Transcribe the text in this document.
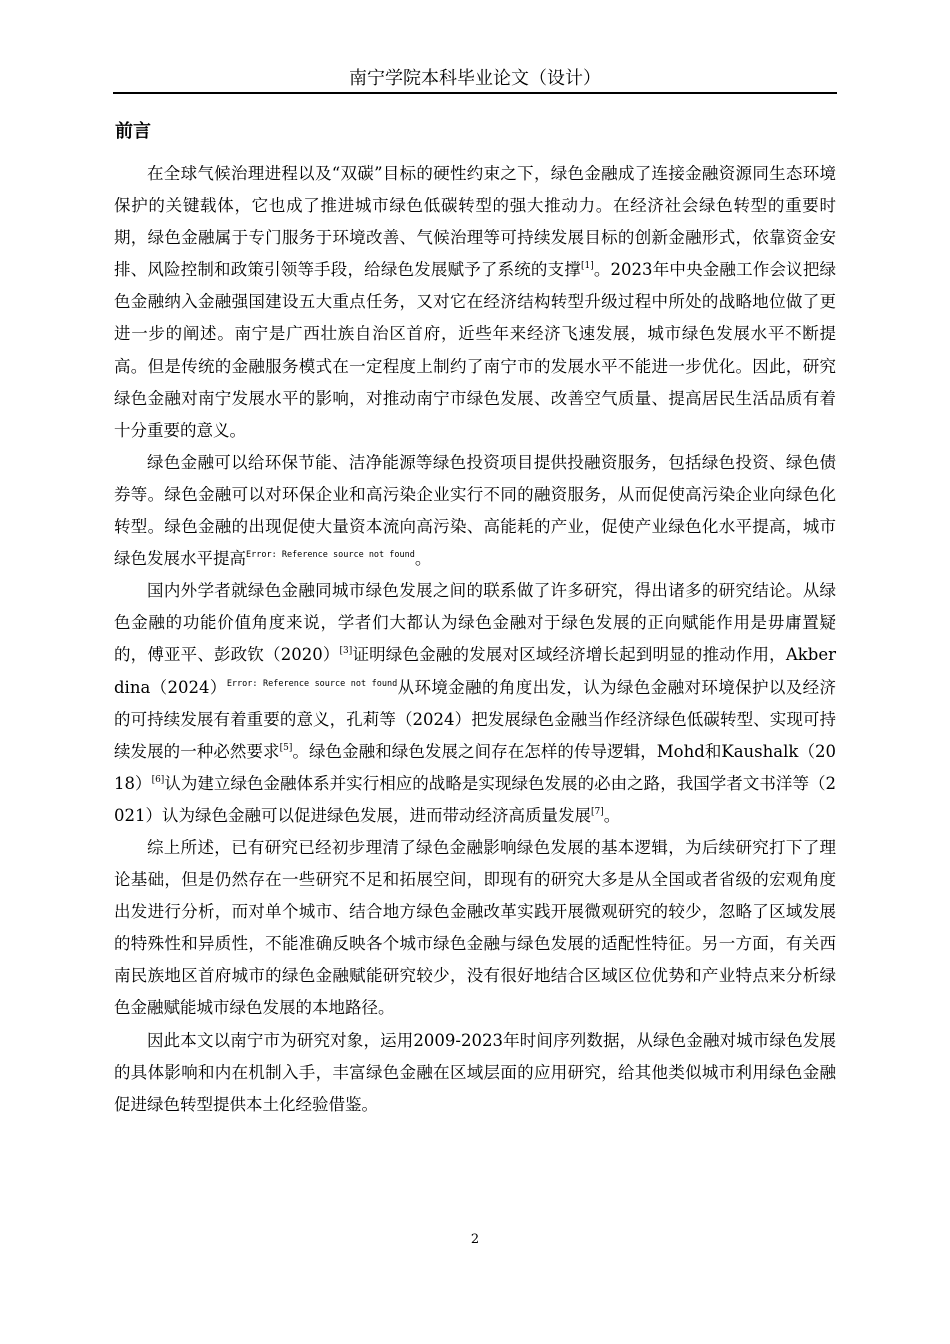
南宁学院本科毕业论文（设计）
前言

在全球气候治理进程以及“双碳”目标的硬性约束之下，绿色金融成了连接金融资源同生态环境保护的关键载体，它也成了推进城市绿色低碳转型的强大推动力。在经济社会绿色转型的重要时期，绿色金融属于专门服务于环境改善、气候治理等可持续发展目标的创新金融形式，依靠资金安排、风险控制和政策引领等手段，给绿色发展赋予了系统的支撑[1]。2023年中央金融工作会议把绿色金融纳入金融强国建设五大重点任务，又对它在经济结构转型升级过程中所处的战略地位做了更进一步的阐述。南宁是广西壮族自治区首府，近些年来经济飞速发展，城市绿色发展水平不断提高。但是传统的金融服务模式在一定程度上制约了南宁市的发展水平不能进一步优化。因此，研究绿色金融对南宁发展水平的影响，对推动南宁市绿色发展、改善空气质量、提高居民生活品质有着十分重要的意义。

绿色金融可以给环保节能、洁净能源等绿色投资项目提供投融资服务，包括绿色投资、绿色债券等。绿色金融可以对环保企业和高污染企业实行不同的融资服务，从而促使高污染企业向绿色化转型。绿色金融的出现促使大量资本流向高污染、高能耗的产业，促使产业绿色化水平提高，城市绿色发展水平提高$^{Error: Reference source not found}$。

国内外学者就绿色金融同城市绿色发展之间的联系做了许多研究，得出诸多的研究结论。从绿色金融的功能价值角度来说，学者们大都认为绿色金融对于绿色发展的正向赋能作用是毋庸置疑的，傅亚平、彭政钦（2020）[3]证明绿色金融的发展对区域经济增长起到明显的推动作用，$Akberdina(2024)^{Error: Reference source not found}$从环境金融的角度出发，认为绿色金融对环境保护以及经济的可持续发展有着重要的意义，孔莉等（2024）把发展绿色金融当作经济绿色低碳转型、实现可持续发展的一种必然要求[5]。绿色金融和绿色发展之间存在怎样的传导逻辑，Mohd和Kaushalk（2018）[6]认为建立绿色金融体系并实行相应的战略是实现绿色发展的必由之路，我国学者文书洋等（2021）认为绿色金融可以促进绿色发展，进而带动经济高质量发展[7]。

综上所述，已有研究已经初步理清了绿色金融影响绿色发展的基本逻辑，为后续研究打下了理论基础，但是仍然存在一些研究不足和拓展空间，即现有的研究大多是从全国或者省级的宏观角度出发进行分析，而对单个城市、结合地方绿色金融改革实践开展微观研究的较少，忽略了区域发展的特殊性和异质性，不能准确反映各个城市绿色金融与绿色发展的适配性特征。另一方面，有关西南民族地区首府城市的绿色金融赋能研究较少，没有很好地结合区域区位优势和产业特点来分析绿色金融赋能城市绿色发展的本地路径。

因此本文以南宁市为研究对象，运用2009-2023年时间序列数据，从绿色金融对城市绿色发展的具体影响和内在机制入手，丰富绿色金融在区域层面的应用研究，给其他类似城市利用绿色金融促进绿色转型提供本土化经验借鉴。

2
